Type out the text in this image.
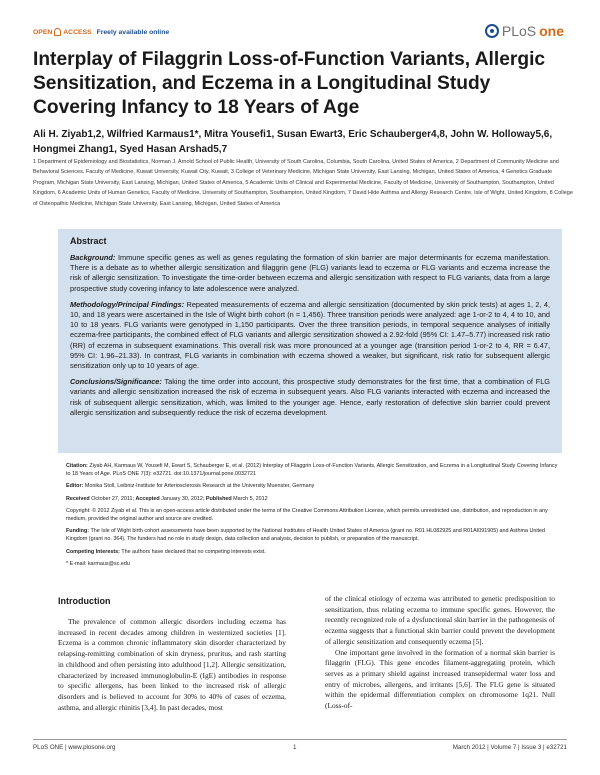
OPEN ACCESS Freely available online	PLoS one
Interplay of Filaggrin Loss-of-Function Variants, Allergic Sensitization, and Eczema in a Longitudinal Study Covering Infancy to 18 Years of Age

Ali H. Ziyab1,2, Wilfried Karmaus1*, Mitra Yousefi1, Susan Ewart3, Eric Schauberger4,8, John W. Holloway5,6, Hongmei Zhang1, Syed Hasan Arshad5,7

1 Department of Epidemiology and Biostatistics, Norman J. Arnold School of Public Health, University of South Carolina, Columbia, South Carolina, United States of America, 2 Department of Community Medicine and Behavioral Sciences, Faculty of Medicine, Kuwait University, Kuwait City, Kuwait, 3 College of Veterinary Medicine, Michigan State University, East Lansing, Michigan, United States of America, 4 Genetics Graduate Program, Michigan State University, East Lansing, Michigan, United States of America, 5 Academic Units of Clinical and Experimental Medicine, Faculty of Medicine, University of Southampton, Southampton, United Kingdom, 6 Academic Units of Human Genetics, Faculty of Medicine, University of Southampton, Southampton, United Kingdom, 7 David Hide Asthma and Allergy Research Centre, Isle of Wight, United Kingdom, 8 College of Osteopathic Medicine, Michigan State University, East Lansing, Michigan, United States of America

Abstract

Background: Immune specific genes as well as genes regulating the formation of skin barrier are major determinants for eczema manifestation. There is a debate as to whether allergic sensitization and filaggrin gene (FLG) variants lead to eczema or FLG variants and eczema increase the risk of allergic sensitization. To investigate the time-order between eczema and allergic sensitization with respect to FLG variants, data from a large prospective study covering infancy to late adolescence were analyzed.

Methodology/Principal Findings: Repeated measurements of eczema and allergic sensitization (documented by skin prick tests) at ages 1, 2, 4, 10, and 18 years were ascertained in the Isle of Wight birth cohort (n = 1,456). Three transition periods were analyzed: age 1-or-2 to 4, 4 to 10, and 10 to 18 years. FLG variants were genotyped in 1,150 participants. Over the three transition periods, in temporal sequence analyses of initially eczema-free participants, the combined effect of FLG variants and allergic sensitization showed a 2.92-fold (95% CI: 1.47–5.77) increased risk ratio (RR) of eczema in subsequent examinations. This overall risk was more pronounced at a younger age (transition period 1-or-2 to 4, RR = 6.47, 95% CI: 1.96–21.33). In contrast, FLG variants in combination with eczema showed a weaker, but significant, risk ratio for subsequent allergic sensitization only up to 10 years of age.

Conclusions/Significance: Taking the time order into account, this prospective study demonstrates for the first time, that a combination of FLG variants and allergic sensitization increased the risk of eczema in subsequent years. Also FLG variants interacted with eczema and increased the risk of subsequent allergic sensitization, which, was limited to the younger age. Hence, early restoration of defective skin barrier could prevent allergic sensitization and subsequently reduce the risk of eczema development.

Citation: Ziyab AH, Karmaus W, Yousefi M, Ewart S, Schauberger E, et al. (2012) Interplay of Filaggrin Loss-of-Function Variants, Allergic Sensitization, and Eczema in a Longitudinal Study Covering Infancy to 18 Years of Age. PLoS ONE 7(3): e32721. doi:10.1371/journal.pone.0032721

Editor: Monika Stoll, Leibniz-Institute for Arteriosclerosis Research at the University Muenster, Germany

Received October 27, 2011; Accepted January 30, 2012; Published March 5, 2012

Copyright: © 2012 Ziyab et al. This is an open-access article distributed under the terms of the Creative Commons Attribution License, which permits unrestricted use, distribution, and reproduction in any medium, provided the original author and source are credited.

Funding: The Isle of Wight birth cohort assessments have been supported by the National Institutes of Health United States of America (grant no. R01 HL082925 and R01AI091905) and Asthma United Kingdom (grant no. 364). The funders had no role in study design, data collection and analysis, decision to publish, or preparation of the manuscript.

Competing Interests: The authors have declared that no competing interests exist.

* E-mail: karmaus@sc.edu

Introduction

The prevalence of common allergic disorders including eczema has increased in recent decades among children in westernized societies [1]. Eczema is a common chronic inflammatory skin disorder characterized by relapsing-remitting combination of skin dryness, pruritus, and rash starting in childhood and often persisting into adulthood [1,2]. Allergic sensitization, characterized by increased immunoglobulin-E (IgE) antibodies in response to specific allergens, has been linked to the increased risk of allergic disorders and is believed to account for 30% to 40% of cases of eczema, asthma, and allergic rhinitis [3,4]. In past decades, most

of the clinical etiology of eczema was attributed to genetic predisposition to sensitization, thus relating eczema to immune specific genes. However, the recently recognized role of a dysfunctional skin barrier in the pathogenesis of eczema suggests that a functional skin barrier could prevent the development of allergic sensitization and consequently eczema [5].

One important gene involved in the formation of a normal skin barrier is filaggrin (FLG). This gene encodes filament-aggregating protein, which serves as a primary shield against increased transepidermal water loss and entry of microbes, allergens, and irritants [5,6]. The FLG gene is situated within the epidermal differentiation complex on chromosome 1q21. Null (Loss-of-

PLoS ONE | www.plosone.org	1	March 2012 | Volume 7 | Issue 3 | e32721
